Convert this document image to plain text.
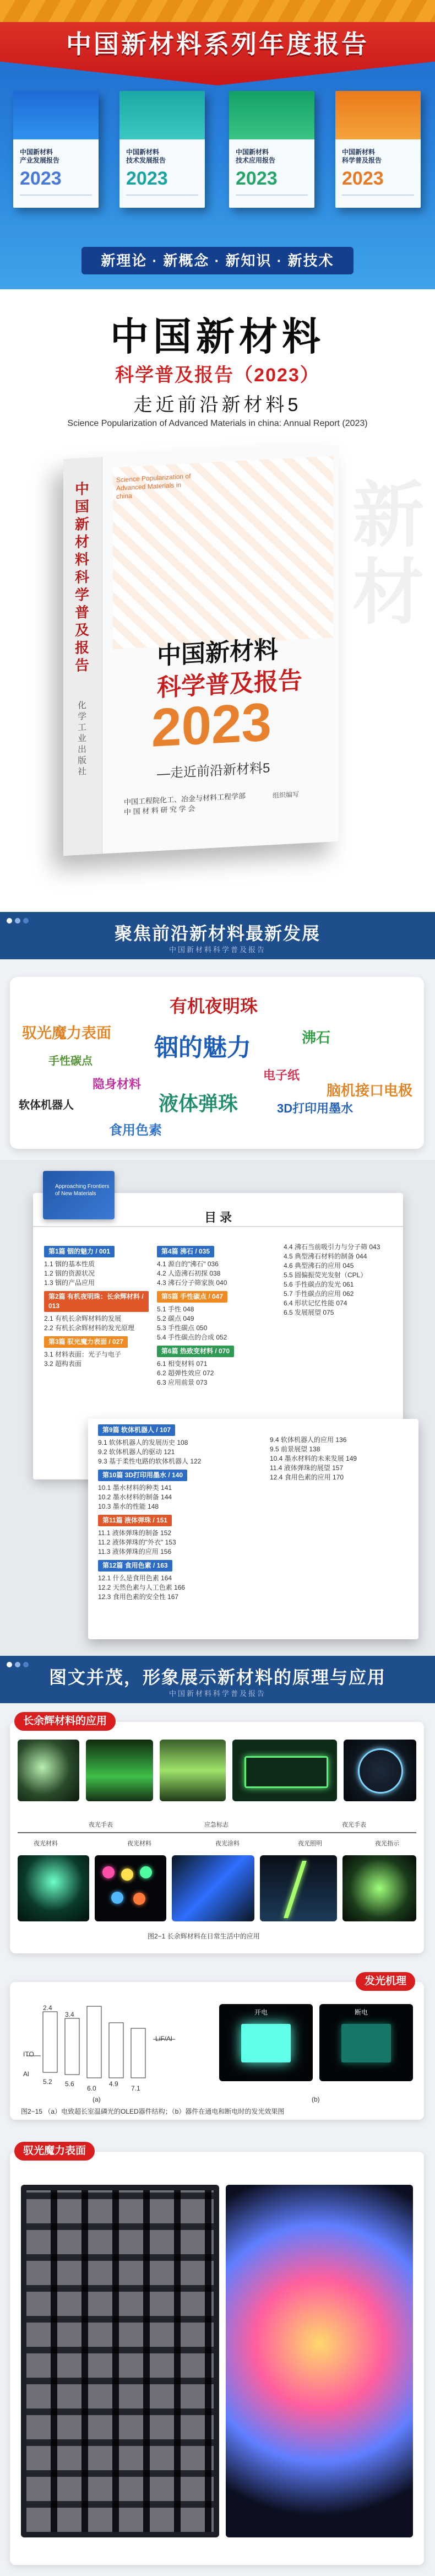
中国新材料系列年度报告
中国新材料
产业发展报告
2023
中国新材料
技术发展报告
2023
中国新材料
技术应用报告
2023
中国新材料
科学普及报告
2023
新理论 · 新概念 · 新知识 · 新技术
中国新材料
科学普及报告（2023）
走近前沿新材料5
Science Popularization of Advanced Materials in china: Annual Report (2023)
新材
中国新材料科学普及报告
化学工业出版社
Science Popularization of Advanced Materials in china
中国新材料
科学普及报告
2023
—走近前沿新材料5
中国工程院化工、冶金与材料工程学部
中 国 材 料 研 究 学 会
组织编写
聚焦前沿新材料最新发展
中国新材料科学普及报告
有机夜明珠
驭光魔力表面
铟的魅力	沸石
手性碳点
电子纸
脑机接口电极
隐身材料
液体弹珠	3D打印用墨水
软体机器人
食用色素
Approaching Frontiers of New Materials
目 录
第1篇 铟的魅力 / 001
1.1 铟的基本性质
1.2 铟的资源状况
1.3 铟的产品应用
第2篇 有机夜明珠：长余辉材料 / 013
2.1 有机长余辉材料的发展
2.2 有机长余辉材料的发光原理
第3篇 驭光魔力表面 / 027
3.1 材料表面：光子与电子
3.2 超构表面
第4篇 沸石 / 035
4.1 源自的"沸石" 036
4.2 人造沸石初探 038
4.3 沸石分子筛家族 040
第5篇 手性碳点 / 047
5.1 手性 048
5.2 碳点 049
5.3 手性碳点 050
5.4 手性碳点的合成 052
第6篇 热致变材料 / 070
6.1 相变材料 071
6.2 超弹性效应 072
6.3 应用前景 073
4.4 沸石当前吸引力与分子筛 043
4.5 典型沸石材料的制备 044
4.6 典型沸石的应用 045
5.5 圆偏振荧光发射（CPL）
5.6 手性碳点的发光 061
5.7 手性碳点的应用 062
6.4 形状记忆性能 074
6.5 发展展望 075
第9篇 软体机器人 / 107
9.1 软体机器人的发展历史 108
9.2 软体机器人的驱动 121
9.3 基于柔性电路的软体机器人 122
第10篇 3D打印用墨水 / 140
10.1 墨水材料的种类 141
10.2 墨水材料的制备 144
10.3 墨水的性能 148
第11篇 液体弹珠 / 151
11.1 液体弹珠的制备 152
11.2 液体弹珠的"外衣" 153
11.3 液体弹珠的应用 156
第12篇 食用色素 / 163
12.1 什么是食用色素 164
12.2 天然色素与人工色素 166
12.3 食用色素的安全性 167
9.4 软体机器人的应用 136
9.5 前景展望 138
10.4 墨水材料的未来发展 149
11.4 液体弹珠的展望 157
12.4 食用色素的应用 170
图文并茂，形象展示新材料的原理与应用
中国新材料科学普及报告
夜光手表	应急标志	夜光手表
夜光材料	夜光材料	夜光涂料	夜光照明	夜光指示
图2−1 长余辉材料在日常生活中的应用
长余辉材料的应用
ITO
Al
2.4
3.4
5.2 5.6
6.0
4.9
7.1
LiF/Al
(a)
开电	断电
(b)
图2−15 （a）电致超长室温磷光的OLED器件结构；（b）器件在通电和断电时的发光效果图
发光机理
驭光魔力表面
